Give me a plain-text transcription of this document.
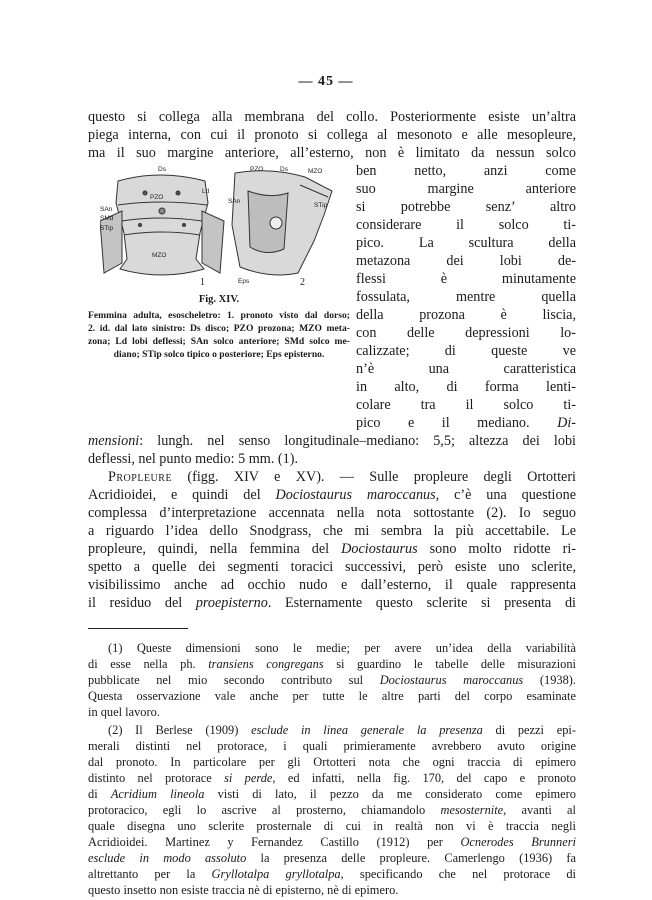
— 45 —
questo si collega alla membrana del collo. Posteriormente esiste un’altra
piega interna, con cui il pronoto si collega al mesonoto e alle mesopleure,
ma il suo margine anteriore, all’esterno, non è limitato da nessun solco
Ds
PZO
MZO
SAn
SMd
STip
Ld
Eps
PZO	Ds	MZO
SAn
STip
1	2
Fig. XIV.
Femmina adulta, esoscheletro: 1. pronoto visto dal dorso;
2. id. dal lato sinistro: Ds disco; PZO prozona; MZO meta-
zona; Ld lobi deflessi; SAn solco anteriore; SMd solco me-
diano; STip solco tipico o posteriore; Eps episterno.
ben netto, anzi come
suo margine anteriore
si potrebbe senz’ altro
considerare il solco ti-
pico. La scultura della
metazona dei lobi de-
flessi è minutamente
fossulata, mentre quella
della prozona è liscia,
con delle depressioni lo-
calizzate; di queste ve
n’è una caratteristica
in alto, di forma lenti-
colare tra il solco ti-
pico e il mediano. Di-
mensioni: lungh. nel senso longitudinale–mediano: 5,5; altezza dei lobi
deflessi, nel punto medio: 5 mm. (1).
Propleure (figg. XIV e XV). — Sulle propleure degli Ortotteri
Acridioidei, e quindi del Dociostaurus maroccanus, c’è una questione
complessa d’interpretazione accennata nella nota sottostante (2). Io seguo
a riguardo l’idea dello Snodgrass, che mi sembra la più accettabile. Le
propleure, quindi, nella femmina del Dociostaurus sono molto ridotte ri-
spetto a quelle dei segmenti toracici successivi, però esiste uno sclerite,
visibilissimo anche ad occhio nudo e dall’esterno, il quale rappresenta
il residuo del proepisterno. Esternamente questo sclerite si presenta di
(1) Queste dimensioni sono le medie; per avere un’idea della variabilità
di esse nella ph. transiens congregans si guardino le tabelle delle misurazioni
pubblicate nel mio secondo contributo sul Dociostaurus maroccanus (1938).
Questa osservazione vale anche per tutte le altre parti del corpo esaminate
in quel lavoro.
(2) Il Berlese (1909) esclude in linea generale la presenza di pezzi epi-
merali distinti nel protorace, i quali primieramente avrebbero avuto origine
dal pronoto. In particolare per gli Ortotteri nota che ogni traccia di epimero
distinto nel protorace si perde, ed infatti, nella fig. 170, del capo e pronoto
di Acridium lineola visti di lato, il pezzo da me considerato come epimero
protoracico, egli lo ascrive al prosterno, chiamandolo mesosternite, avanti al
quale disegna uno sclerite prosternale di cui in realtà non vi è traccia negli
Acridioidei. Martinez y Fernandez Castillo (1912) per Ocnerodes Brunneri
esclude in modo assoluto la presenza delle propleure. Camerlengo (1936) fa
altrettanto per la Gryllotalpa gryllotalpa, specificando che nel protorace di
questo insetto non esiste traccia nè di episterno, nè di epimero.
